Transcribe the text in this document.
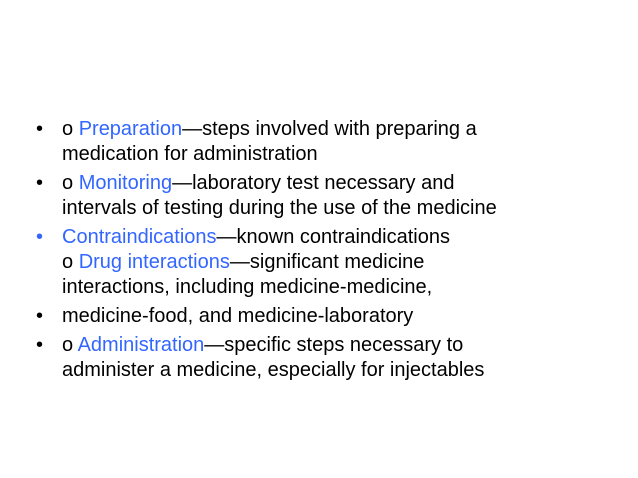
• o Preparation—steps involved with preparing a
medication for administration
• o Monitoring—laboratory test necessary and
intervals of testing during the use of the medicine
• Contraindications—known contraindications
o Drug interactions—significant medicine
interactions, including medicine-medicine,
• medicine-food, and medicine-laboratory
• o Administration—specific steps necessary to
administer a medicine, especially for injectables
